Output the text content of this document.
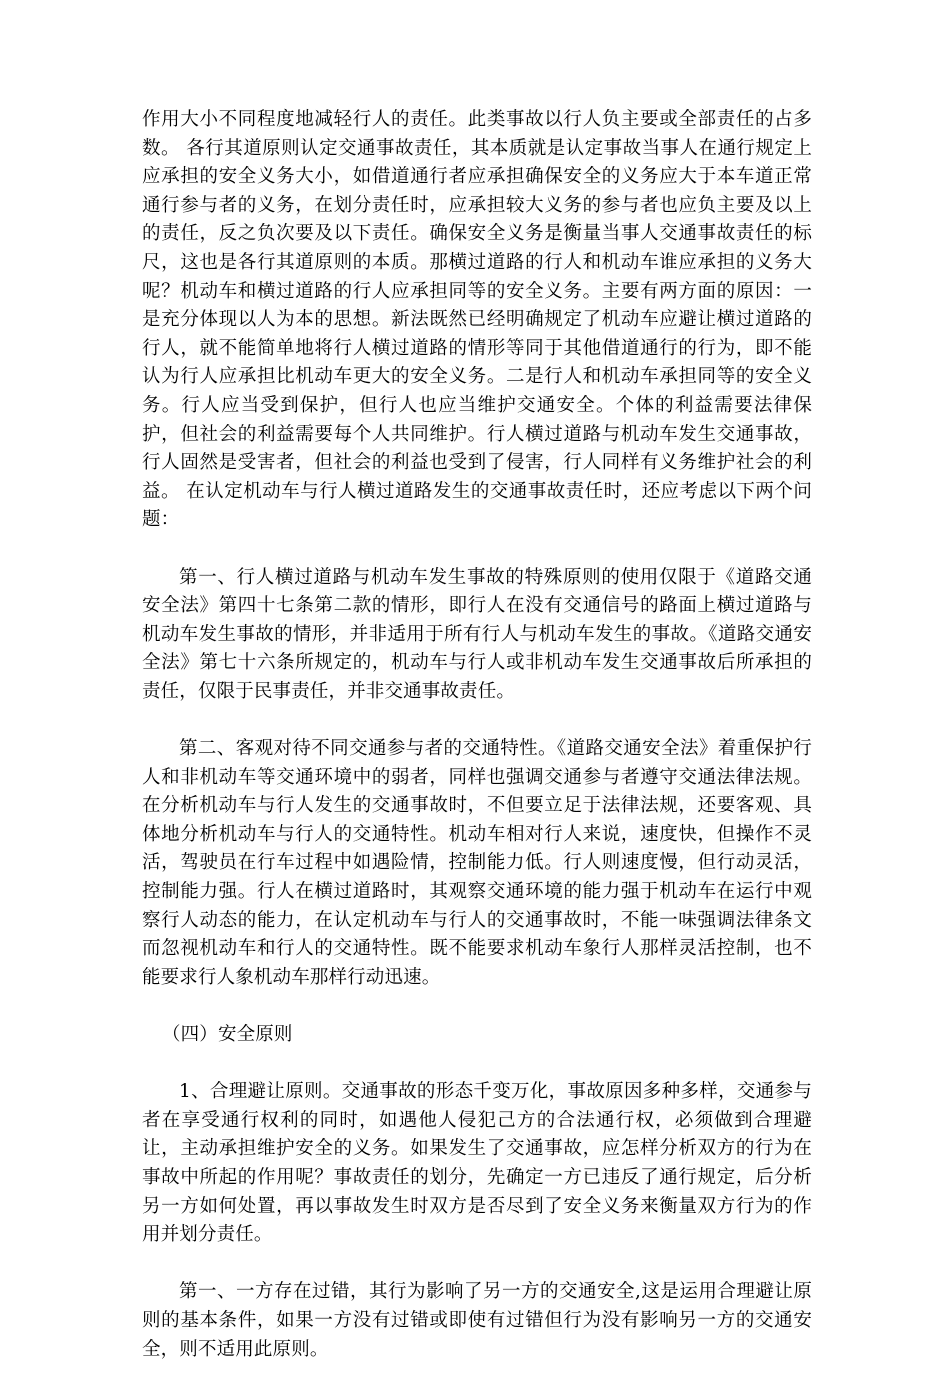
作用大小不同程度地减轻行人的责任。此类事故以行人负主要或全部责任的占多数。 各行其道原则认定交通事故责任，其本质就是认定事故当事人在通行规定上应承担的安全义务大小，如借道通行者应承担确保安全的义务应大于本车道正常通行参与者的义务，在划分责任时，应承担较大义务的参与者也应负主要及以上的责任，反之负次要及以下责任。确保安全义务是衡量当事人交通事故责任的标尺，这也是各行其道原则的本质。那横过道路的行人和机动车谁应承担的义务大呢？机动车和横过道路的行人应承担同等的安全义务。主要有两方面的原因：一是充分体现以人为本的思想。新法既然已经明确规定了机动车应避让横过道路的行人，就不能简单地将行人横过道路的情形等同于其他借道通行的行为，即不能认为行人应承担比机动车更大的安全义务。二是行人和机动车承担同等的安全义务。行人应当受到保护，但行人也应当维护交通安全。个体的利益需要法律保护，但社会的利益需要每个人共同维护。行人横过道路与机动车发生交通事故，行人固然是受害者，但社会的利益也受到了侵害，行人同样有义务维护社会的利益。 在认定机动车与行人横过道路发生的交通事故责任时，还应考虑以下两个问题：

第一、行人横过道路与机动车发生事故的特殊原则的使用仅限于《道路交通安全法》第四十七条第二款的情形，即行人在没有交通信号的路面上横过道路与机动车发生事故的情形，并非适用于所有行人与机动车发生的事故。《道路交通安全法》第七十六条所规定的，机动车与行人或非机动车发生交通事故后所承担的责任，仅限于民事责任，并非交通事故责任。

第二、客观对待不同交通参与者的交通特性。《道路交通安全法》着重保护行人和非机动车等交通环境中的弱者，同样也强调交通参与者遵守交通法律法规。在分析机动车与行人发生的交通事故时，不但要立足于法律法规，还要客观、具体地分析机动车与行人的交通特性。机动车相对行人来说，速度快，但操作不灵活，驾驶员在行车过程中如遇险情，控制能力低。行人则速度慢，但行动灵活，控制能力强。行人在横过道路时，其观察交通环境的能力强于机动车在运行中观察行人动态的能力，在认定机动车与行人的交通事故时，不能一味强调法律条文而忽视机动车和行人的交通特性。既不能要求机动车象行人那样灵活控制，也不能要求行人象机动车那样行动迅速。

（四）安全原则

1、合理避让原则。交通事故的形态千变万化，事故原因多种多样，交通参与者在享受通行权利的同时，如遇他人侵犯己方的合法通行权，必须做到合理避让，主动承担维护安全的义务。如果发生了交通事故，应怎样分析双方的行为在事故中所起的作用呢？事故责任的划分，先确定一方已违反了通行规定，后分析另一方如何处置，再以事故发生时双方是否尽到了安全义务来衡量双方行为的作用并划分责任。

第一、一方存在过错，其行为影响了另一方的交通安全,这是运用合理避让原则的基本条件，如果一方没有过错或即使有过错但行为没有影响另一方的交通安全，则不适用此原则。
